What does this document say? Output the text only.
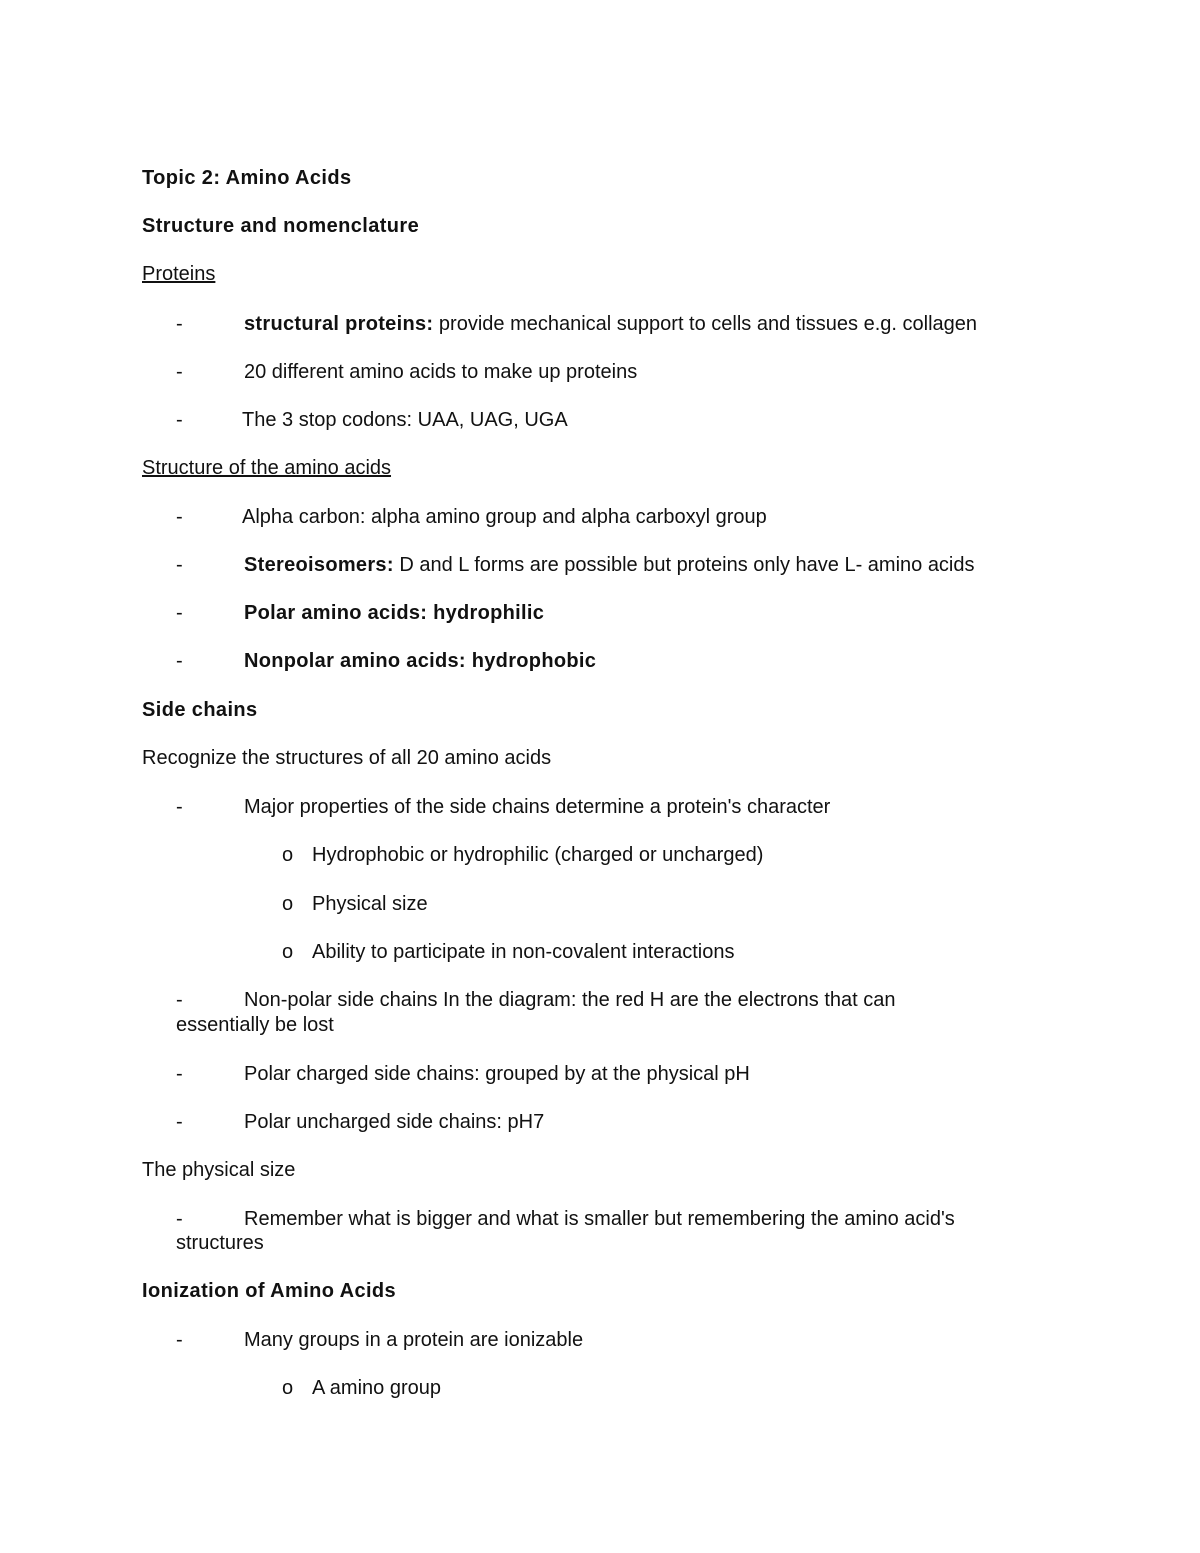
Topic 2: Amino Acids
Structure and nomenclature
Proteins
-	structural proteins: provide mechanical support to cells and tissues e.g. collagen
-	20 different amino acids to make up proteins
-	The 3 stop codons: UAA, UAG, UGA
Structure of the amino acids
-	Alpha carbon: alpha amino group and alpha carboxyl group
-	Stereoisomers: D and L forms are possible but proteins only have L- amino acids
-	Polar amino acids: hydrophilic
-	Nonpolar amino acids: hydrophobic
Side chains
Recognize the structures of all 20 amino acids
-	Major properties of the side chains determine a protein's character
o Hydrophobic or hydrophilic (charged or uncharged)
o Physical size
o Ability to participate in non-covalent interactions
-	Non-polar side chains In the diagram: the red H are the electrons that can
essentially be lost
-	Polar charged side chains: grouped by at the physical pH
-	Polar uncharged side chains: pH7
The physical size
-	Remember what is bigger and what is smaller but remembering the amino acid's
structures
Ionization of Amino Acids
-	Many groups in a protein are ionizable
o A amino group
